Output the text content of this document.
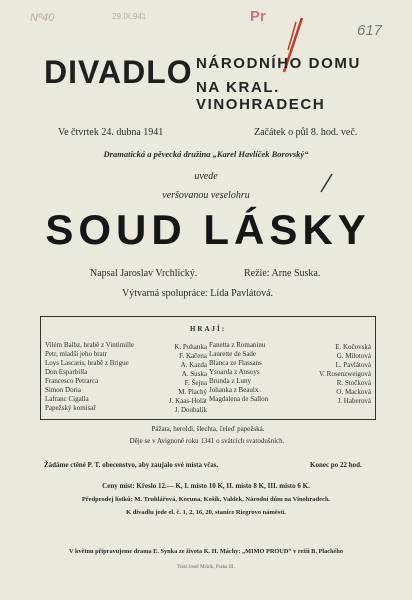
Nº40	29.IX.941	Pr
617
DIVADLO NÁRODNÍHO DOMU
NA KRAL. VINOHRADECH
Ve čtvrtek 24. dubna 1941	Začátek o půl 8. hod. več.
Dramatická a pěvecká družina „Karel Havlíček Borovský“
uvede
veršovanou veselohru
SOUD LÁSKY
Napsal Jaroslav Vrchlický.	Režie: Arne Suska.
Výtvarná spolupráce: Lída Pavlátová.
HRAJÍ:
Vilém Balbz, hrabě z Vintimille	K. Pohanka
Petr, mladší jeho bratr	F. Kačena
Loys Lascaris, hrabě z Brigue	A. Kazda
Don Esparbilla	A. Suska
Francesco Petrarca	F. Šejna
Simon Doria	M. Plachý
Lafranc Cigalla	J. Kaas-Holát
Papežský komisař	J. Doubalík
Fanetta z Romaninu	E. Kočovská
Laurette de Sade	G. Milotová
Blanca ze Flassans	L. Pavlátová
Ysoarda z Ansoys	V. Rosenzweigová
Brunda z Luny	R. Stočková
Johanka z Beaulx	O. Macková
Magdalena de Sallon	J. Haberová
Pážata, heroldi, šlechta, čeleď papežská.
Děje se v Avignoně roku 1341 o svátcích svatodušních.
Žádáme ctěné P. T. obecenstvo, aby zaujalo své místa včas.	Konec po 22 hod.
Ceny míst: Křeslo 12.— K, I. místo 10 K, II. místo 8 K, III. místo 6 K.
Předprodej lístků: M. Truhlářová, Koruna, Košík, Valdek, Národní dům na Vinohradech.
K divadlu jede el. č. 1, 2, 16, 20, stanice Riegrovo náměstí.
V květnu připravujeme drama E. Synka ze života K. H. Máchy: „MIMO PROUD“ v režii B. Plachého
Tiskl Josef Mrštík, Praha III.
